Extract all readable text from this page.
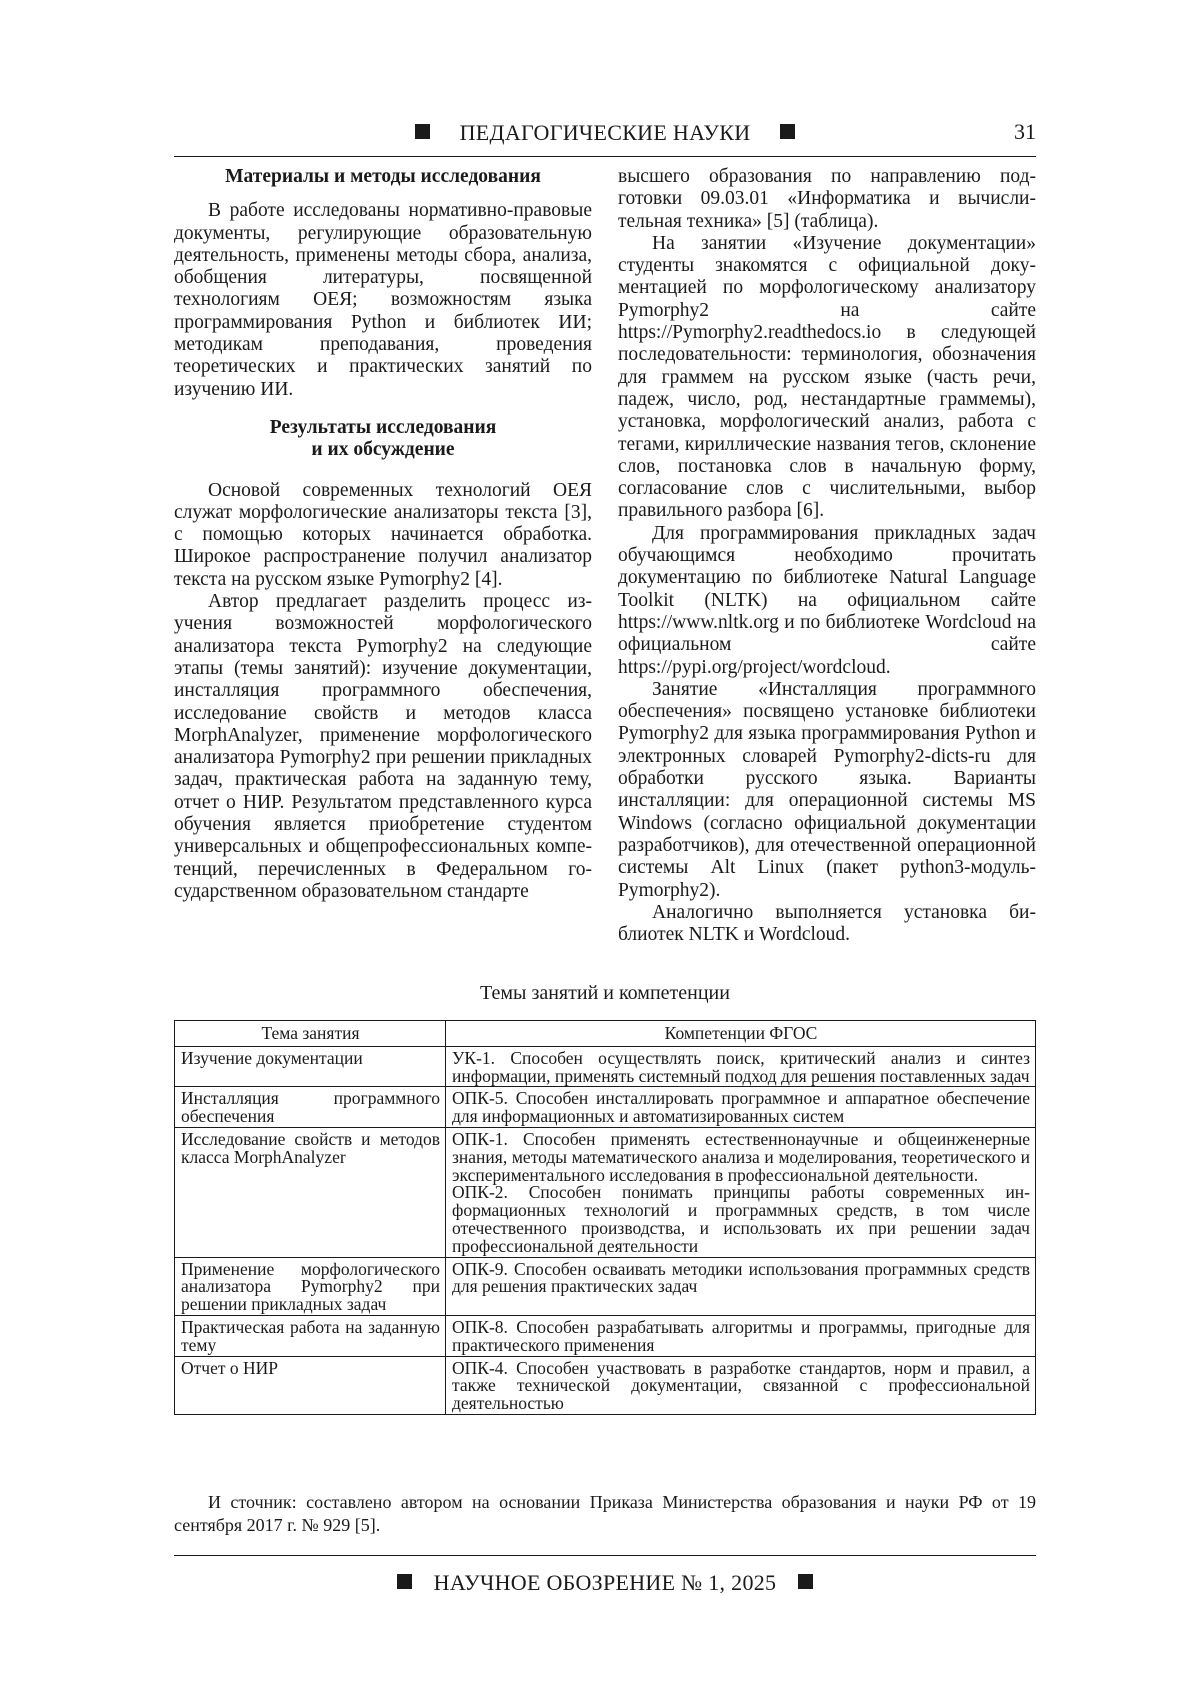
ПЕДАГОГИЧЕСКИЕ НАУКИ	31
Материалы и методы исследования

В работе исследованы нормативно-правовые документы, регулирующие образовательную деятельность, применены методы сбора, анализа, обобщения литературы, посвященной технологиям ОЕЯ; возможностям языка программирования Python и библиотек ИИ; методикам преподавания, проведения теоретических и практических занятий по изучению ИИ.

Результаты исследования
и их обсуждение

Основой современных технологий ОЕЯ служат морфологические анализаторы текста [3], с помощью которых начинается обработка. Широкое распространение получил анализатор текста на русском языке Pymorphy2 [4].

Автор предлагает разделить процесс изучения возможностей морфологического анализатора текста Pymorphy2 на следующие этапы (темы занятий): изучение документации, инсталляция программного обеспечения, исследование свойств и методов класса MorphAnalyzer, применение морфологического анализатора Pymorphy2 при решении прикладных задач, практическая работа на заданную тему, отчет о НИР. Результатом представленного курса обучения является приобретение студентом универсальных и общепрофессиональных компетенций, перечисленных в Федеральном государственном образовательном стандарте

высшего образования по направлению подготовки 09.03.01 «Информатика и вычислительная техника» [5] (таблица).

На занятии «Изучение документации» студенты знакомятся с официальной документацией по морфологическому анализатору Pymorphy2 на сайте https://Pymorphy2.readthedocs.io в следующей последовательности: терминология, обозначения для граммем на русском языке (часть речи, падеж, число, род, нестандартные граммемы), установка, морфологический анализ, работа с тегами, кириллические названия тегов, склонение слов, постановка слов в начальную форму, согласование слов с числительными, выбор правильного разбора [6].

Для программирования прикладных задач обучающимся необходимо прочитать документацию по библиотеке Natural Language Toolkit (NLTK) на официальном сайте https://www.nltk.org и по библиотеке Wordcloud на официальном сайте https://pypi.org/project/wordcloud.

Занятие «Инсталляция программного обеспечения» посвящено установке библиотеки Pymorphy2 для языка программирования Python и электронных словарей Pymorphy2-dicts-ru для обработки русского языка. Варианты инсталляции: для операционной системы MS Windows (согласно официальной документации разработчиков), для отечественной операционной системы Alt Linux (пакет python3-модуль-Pymorphy2).

Аналогично выполняется установка библиотек NLTK и Wordcloud.

Темы занятий и компетенции
Тема занятия	Компетенции ФГОС
Изучение документации	УК-1. Способен осуществлять поиск, критический анализ и синтез информации, применять системный подход для решения поставленных задач
Инсталляция программного обеспечения	ОПК-5. Способен инсталлировать программное и аппаратное обеспечение для информационных и автоматизированных систем
Исследование свойств и методов класса MorphAnalyzer	ОПК-1. Способен применять естественнонаучные и общеинженерные знания, методы математического анализа и моделирования, теоретического и экспериментального исследования в профессиональной деятельности.
ОПК-2. Способен понимать принципы работы современных информационных технологий и программных средств, в том числе отечественного производства, и использовать их при решении задач профессиональной деятельности

Применение морфологического анализатора Pymorphy2 при решении прикладных задач	ОПК-9. Способен осваивать методики использования программных средств для решения практических задач
Практическая работа на заданную тему	ОПК-8. Способен разрабатывать алгоритмы и программы, пригодные для практического применения
Отчет о НИР	ОПК-4. Способен участвовать в разработке стандартов, норм и правил, а также технической документации, связанной с профессиональной деятельностью
И сточник: составлено автором на основании Приказа Министерства образования и науки РФ от 19 сентября 2017 г. № 929 [5].
НАУЧНОЕ ОБОЗРЕНИЕ № 1, 2025
